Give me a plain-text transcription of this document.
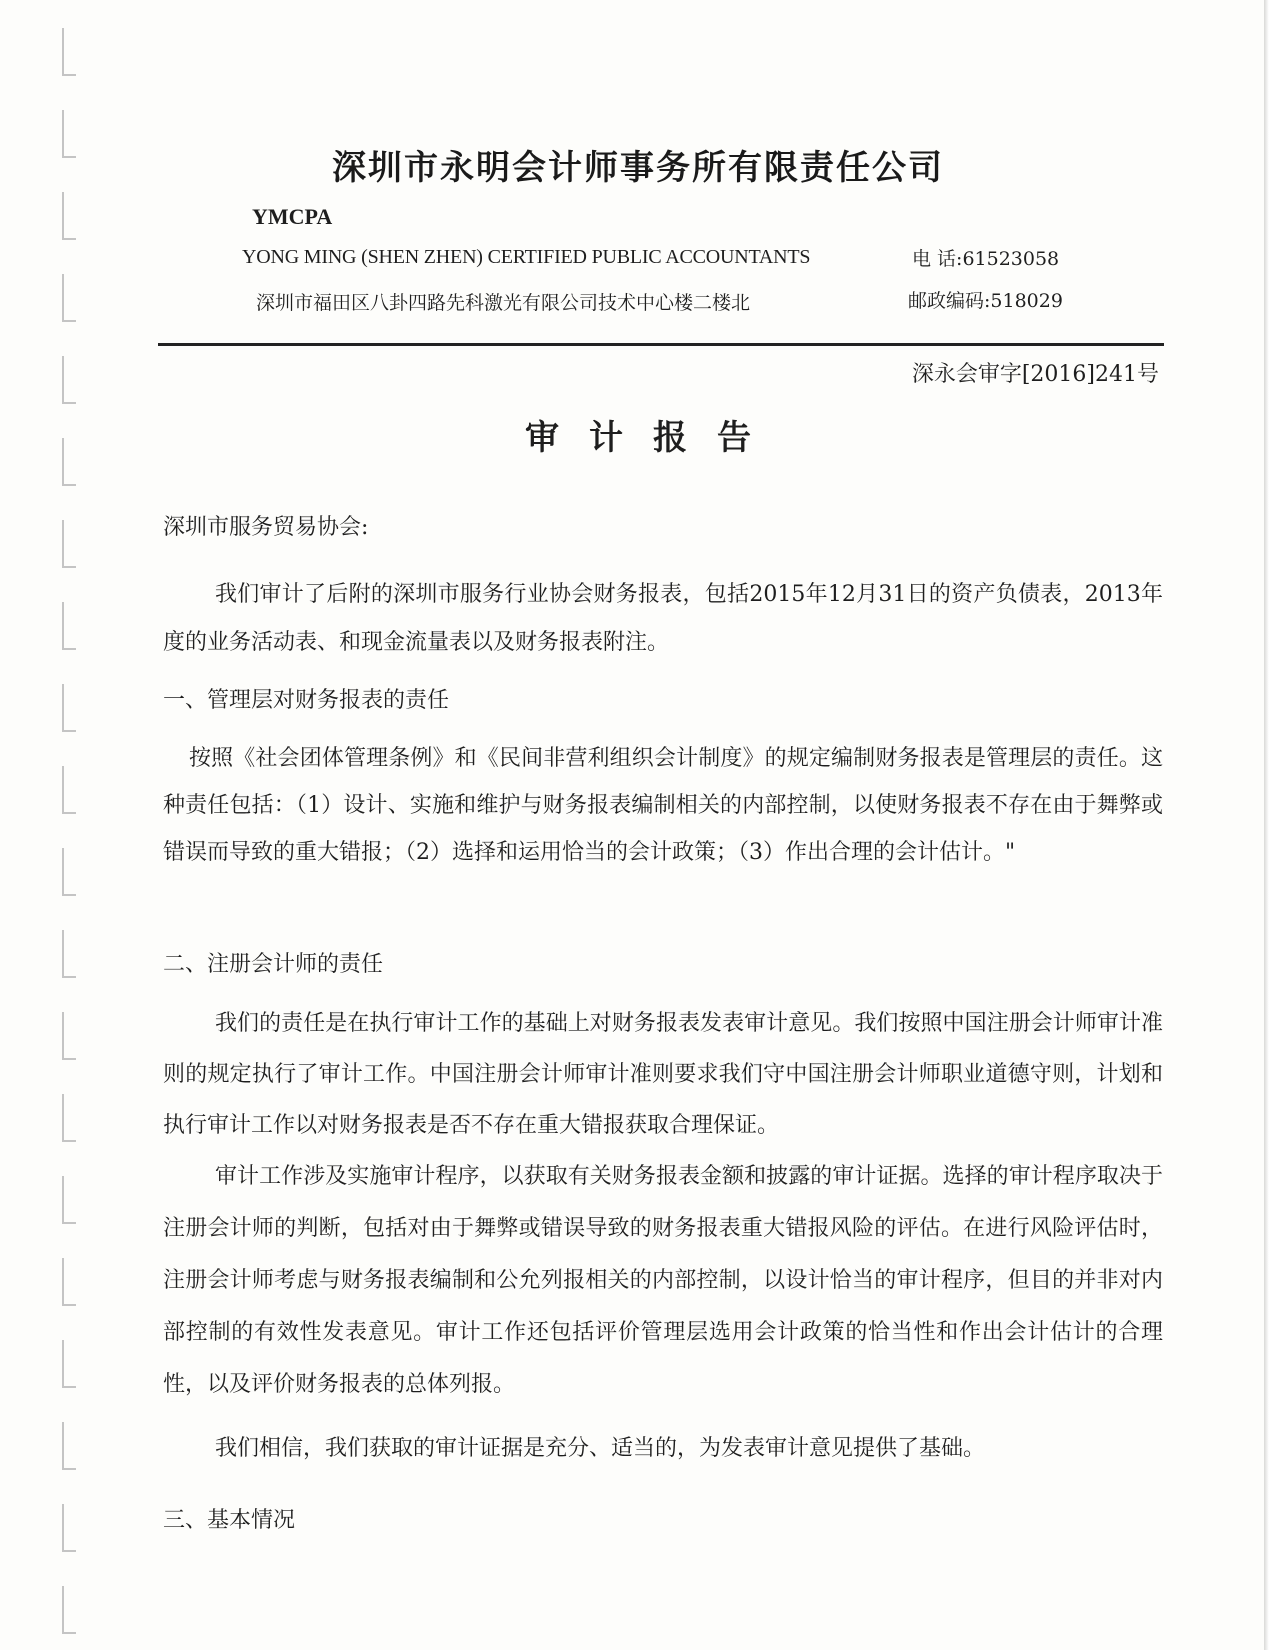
深圳市永明会计师事务所有限责任公司
YMCPA
YONG MING (SHEN ZHEN) CERTIFIED PUBLIC ACCOUNTANTS	电 话:61523058
深圳市福田区八卦四路先科激光有限公司技术中心楼二楼北	邮政编码:518029
深永会审字[2016]241号
审计报告
深圳市服务贸易协会:

我们审计了后附的深圳市服务行业协会财务报表，包括2015年12月31日的资产负债表，2013年度的业务活动表、和现金流量表以及财务报表附注。

一、管理层对财务报表的责任

按照《社会团体管理条例》和《民间非营利组织会计制度》的规定编制财务报表是管理层的责任。这种责任包括：（1）设计、实施和维护与财务报表编制相关的内部控制，以使财务报表不存在由于舞弊或错误而导致的重大错报；（2）选择和运用恰当的会计政策；（3）作出合理的会计估计。"

二、注册会计师的责任

我们的责任是在执行审计工作的基础上对财务报表发表审计意见。我们按照中国注册会计师审计准则的规定执行了审计工作。中国注册会计师审计准则要求我们守中国注册会计师职业道德守则，计划和执行审计工作以对财务报表是否不存在重大错报获取合理保证。

审计工作涉及实施审计程序，以获取有关财务报表金额和披露的审计证据。选择的审计程序取决于注册会计师的判断，包括对由于舞弊或错误导致的财务报表重大错报风险的评估。在进行风险评估时，注册会计师考虑与财务报表编制和公允列报相关的内部控制，以设计恰当的审计程序，但目的并非对内部控制的有效性发表意见。审计工作还包括评价管理层选用会计政策的恰当性和作出会计估计的合理性，以及评价财务报表的总体列报。

我们相信，我们获取的审计证据是充分、适当的，为发表审计意见提供了基础。

三、基本情况
